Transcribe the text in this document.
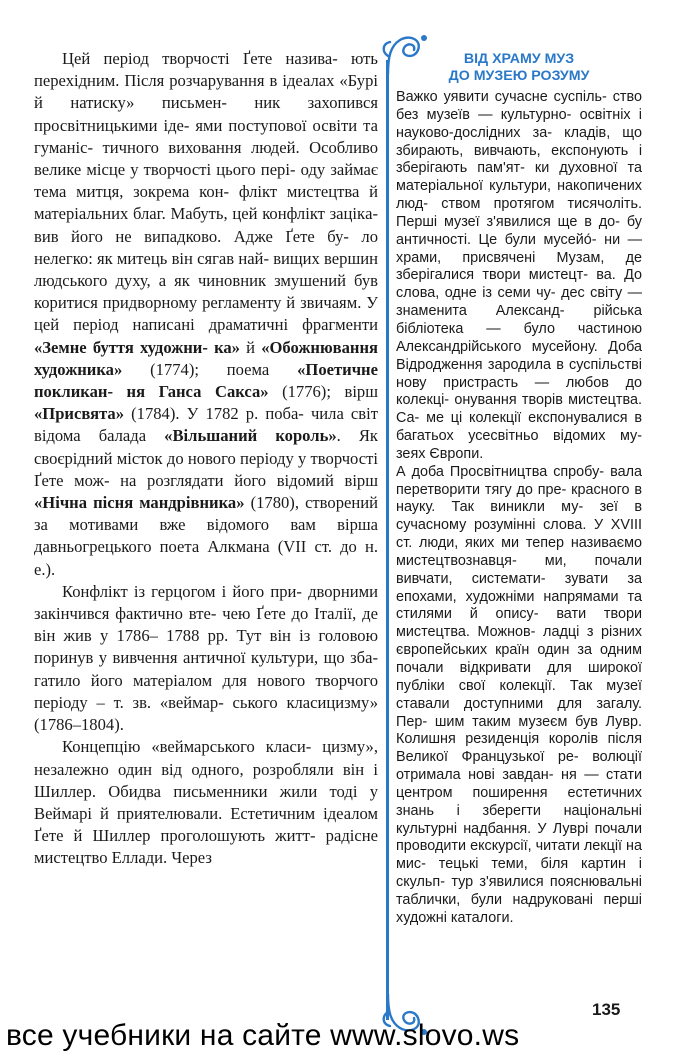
Цей період творчості Ґете назива- ють перехідним. Після розчарування в ідеалах «Бурі й натиску» письмен- ник захопився просвітницькими іде- ями поступової освіти та гуманіс- тичного виховання людей. Особливо велике місце у творчості цього пері- оду займає тема митця, зокрема кон- флікт мистецтва й матеріальних благ. Мабуть, цей конфлікт зацікa- вив його не випадково. Адже Ґете бу- ло нелегко: як митець він сягав най- вищих вершин людського духу, а як чиновник змушений був коритися придворному регламенту й звичаям. У цей період написані драматичні фрагменти «Земне буття художни- ка» й «Обожнювання художника» (1774); поема «Поетичне покликан- ня Ганса Сакса» (1776); вірш «Присвята» (1784). У 1782 р. поба- чила світ відома балада «Вільшаний король». Як своєрідний місток до нового періоду у творчості Ґете мож- на розглядати його відомий вірш «Нічна пісня мандрівника» (1780), створений за мотивами вже відомого вам вірша давньогрецького поета Алкмана (VII ст. до н. е.).

Конфлікт із герцогом і його при- дворними закінчився фактично вте- чею Ґете до Італії, де він жив у 1786– 1788 рр. Тут він із головою поринув у вивчення античної культури, що зба- гатило його матеріалом для нового творчого періоду – т. зв. «веймар- ського класицизму» (1786–1804).

Концепцію «веймарського класи- цизму», незалежно один від одного, розробляли він і Шиллер. Обидва письменники жили тоді у Веймарі й приятелювали. Естетичним ідеалом Ґете й Шиллер проголошують житт- радісне мистецтво Еллади. Через

ВІД ХРАМУ МУЗ
ДО МУЗЕЮ РОЗУМУ

Важко уявити сучасне суспіль- ство без музеїв — культурно- освітніх і науково-дослідних за- кладів, що збирають, вивчають, експонують і зберігають пам'ят- ки духовної та матеріальної культури, накопичених люд- ством протягом тисячоліть. Перші музеї з'явилися ще в до- бу античності. Це були мусейо́- ни — храми, присвячені Музам, де зберігалися твори мистецт- ва. До слова, одне із семи чу- дес світу — знаменита Александ- рійська бібліотека — було частиною Александрійського мусейону. Доба Відродження зародила в суспільстві нову пристрасть — любов до колекці- онування творів мистецтва. Са- ме ці колекції експонувалися в багатьох усесвітньо відомих му- зеях Європи.

А доба Просвітництва спробу- вала перетворити тягу до пре- красного в науку. Так виникли му- зеї в сучасному розумінні слова. У XVIII ст. люди, яких ми тепер називаємо мистецтвознавця- ми, почали вивчати, системати- зувати за епохами, художніми напрямами та стилями й опису- вати твори мистецтва. Можнов- ладці з різних європейських країн один за одним почали відкривати для широкої публіки свої колекції. Так музеї ставали доступними для загалу. Пер- шим таким музеєм був Лувр. Колишня резиденція королів після Великої Французької ре- волюції отримала нові завдан- ня — стати центром поширення естетичних знань і зберегти національні культурні надбання. У Луврі почали проводити екскурсії, читати лекції на мис- тецькі теми, біля картин і скульп- тур з'явилися пояснювальні таблички, були надруковані перші художні каталоги.

135
все учебники на сайте www.slovo.ws
